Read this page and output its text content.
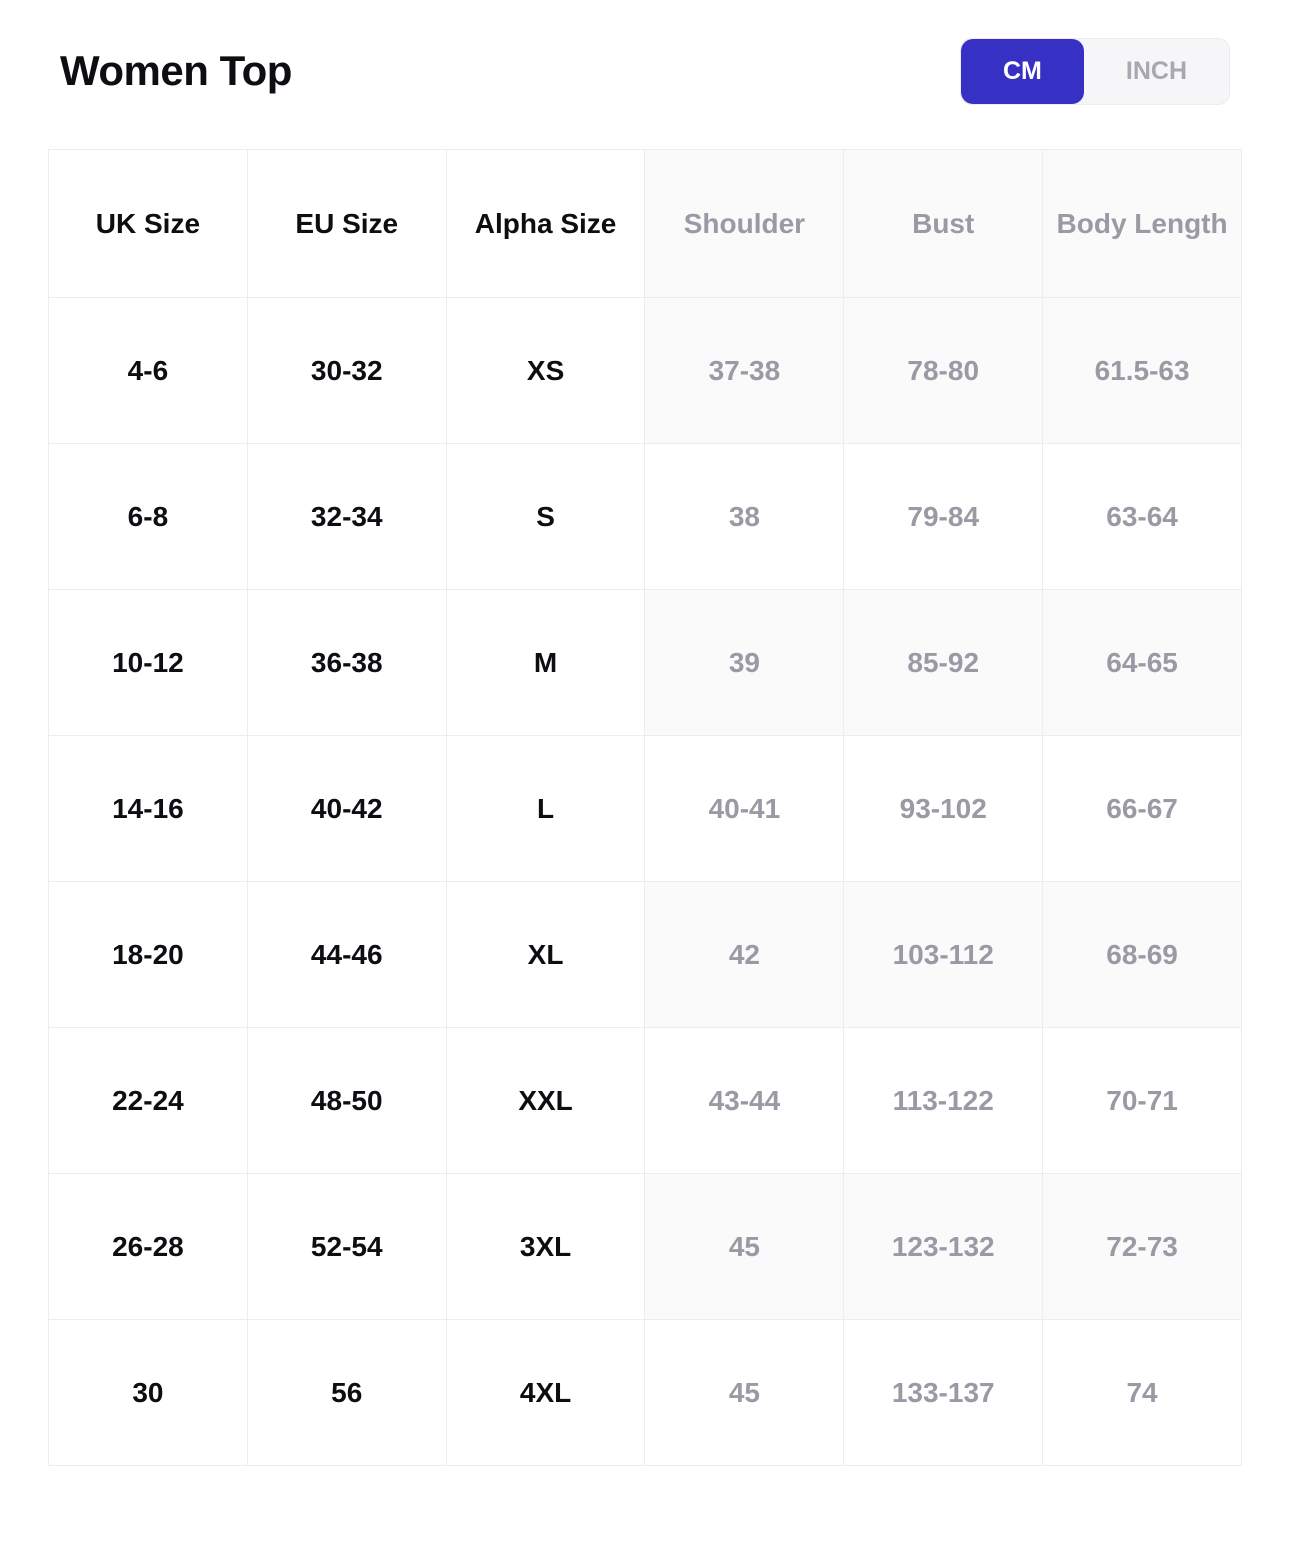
Women Top	CM	INCH
UK Size	EU Size	Alpha Size	Shoulder	Bust	Body Length
4-6	30-32	XS	37-38	78-80	61.5-63
6-8	32-34	S	38	79-84	63-64
10-12	36-38	M	39	85-92	64-65
14-16	40-42	L	40-41	93-102	66-67
18-20	44-46	XL	42	103-112	68-69
22-24	48-50	XXL	43-44	113-122	70-71
26-28	52-54	3XL	45	123-132	72-73
30	56	4XL	45	133-137	74
